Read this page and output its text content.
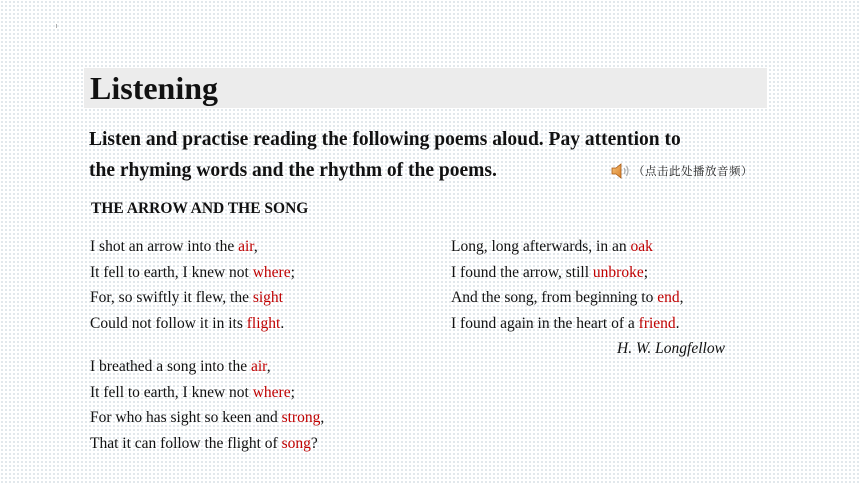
Listening
Listen and practise reading the following poems aloud. Pay attention to
the rhyming words and the rhythm of the poems.	（点击此处播放音频）
THE ARROW AND THE SONG
I shot an arrow into the air,
It fell to earth, I knew not where;
For, so swiftly it flew, the sight
Could not follow it in its flight.
I breathed a song into the air,
It fell to earth, I knew not where;
For who has sight so keen and strong,
That it can follow the flight of song?
Long, long afterwards, in an oak
I found the arrow, still unbroke;
And the song, from beginning to end,
I found again in the heart of a friend.
H. W. Longfellow
